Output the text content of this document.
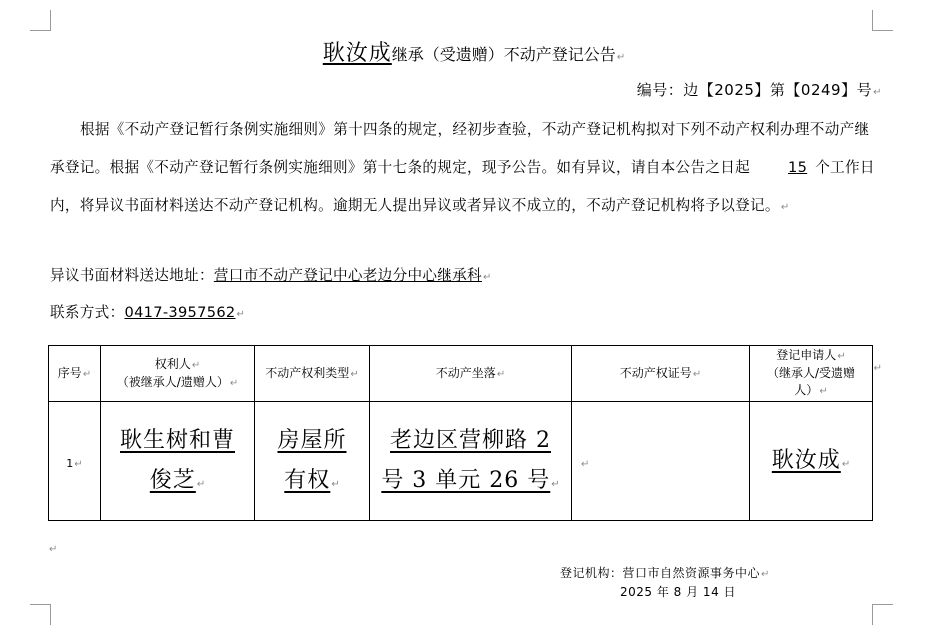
耿汝成继承（受遗赠）不动产登记公告↵
编号：边【2025】第【0249】号↵

根据《不动产登记暂行条例实施细则》第十四条的规定，经初步查验，不动产登记机构拟对下列不动产权利办理不动产继承登记。根据《不动产登记暂行条例实施细则》第十七条的规定，现予公告。如有异议，请自本公告之日起	15 个工作日内，将异议书面材料送达不动产登记机构。逾期无人提出异议或者异议不成立的，不动产登记机构将予以登记。↵

异议书面材料送达地址：营口市不动产登记中心老边分中心继承科↵
联系方式：0417-3957562↵
序号↵	权利人↵
（被继承人/遗赠人）↵	不动产权利类型↵	不动产坐落↵	不动产权证号↵	登记申请人↵
（继承人/受遗赠
人）↵
↵

1↵	耿生树和曹
俊芝↵	房屋所
有权↵	老边区营柳路 2
号 3 单元 26 号↵	↵	耿汝成↵
↵
登记机构：营口市自然资源事务中心↵
2025 年 8 月 14 日
